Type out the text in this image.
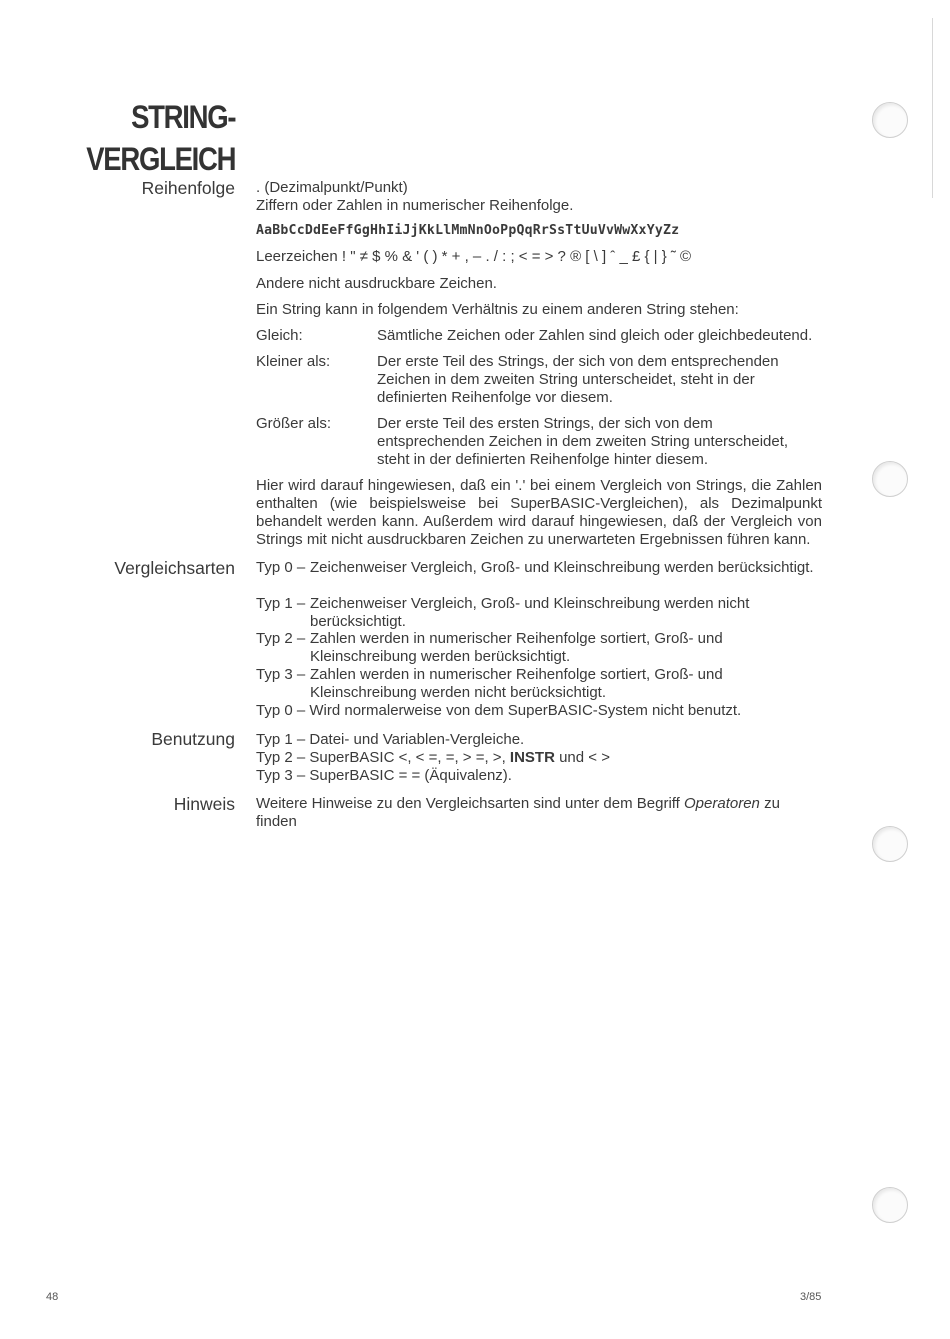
STRING-
VERGLEICH
Reihenfolge . (Dezimalpunkt/Punkt)
Ziffern oder Zahlen in numerischer Reihenfolge.
AaBbCcDdEeFfGgHhIiJjKkLlMmNnOoPpQqRrSsTtUuVvWwXxYyZz
Leerzeichen ! " ≠ $ % & ' ( ) * + , – . / : ; < = > ? ® [ \ ] ˆ _ £ { | } ˜ ©
Andere nicht ausdruckbare Zeichen.
Ein String kann in folgendem Verhältnis zu einem anderen String stehen:
Gleich:	Sämtliche Zeichen oder Zahlen sind gleich oder gleichbedeutend.
Kleiner als:	Der erste Teil des Strings, der sich von dem entsprechenden Zeichen in dem zweiten String unterscheidet, steht in der definierten Reihenfolge vor diesem.
Größer als:	Der erste Teil des ersten Strings, der sich von dem entsprechenden Zeichen in dem zweiten String unterscheidet, steht in der definierten Reihenfolge hinter diesem.
Hier wird darauf hingewiesen, daß ein '.' bei einem Vergleich von Strings, die Zahlen enthalten (wie beispielsweise bei SuperBASIC-Vergleichen), als Dezimalpunkt behandelt werden kann. Außerdem wird darauf hingewiesen, daß der Vergleich von Strings mit nicht ausdruckbaren Zeichen zu unerwarteten Ergebnissen führen kann.
Vergleichsarten Typ 0 – Zeichenweiser Vergleich, Groß- und Kleinschreibung werden berücksichtigt.
Typ 1 – Zeichenweiser Vergleich, Groß- und Kleinschreibung werden nicht berücksichtigt.
Typ 2 – Zahlen werden in numerischer Reihenfolge sortiert, Groß- und Kleinschreibung werden berücksichtigt.
Typ 3 – Zahlen werden in numerischer Reihenfolge sortiert, Groß- und Kleinschreibung werden nicht berücksichtigt.
Typ 0 – Wird normalerweise von dem SuperBASIC-System nicht benutzt.
Benutzung Typ 1 – Datei- und Variablen-Vergleiche.
Typ 2 – SuperBASIC <, < =, =, > =, >, INSTR und < >
Typ 3 – SuperBASIC = = (Äquivalenz).
Hinweis Weitere Hinweise zu den Vergleichsarten sind unter dem Begriff Operatoren zu finden
48	3/85
